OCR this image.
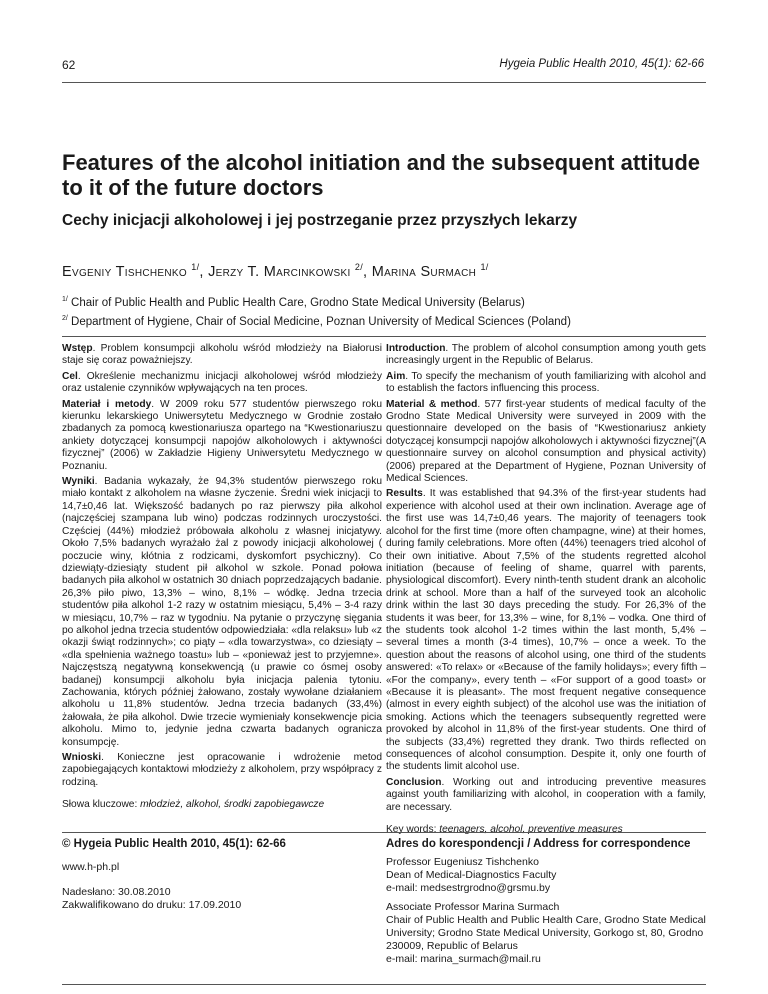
62	Hygeia Public Health 2010, 45(1): 62-66
Features of the alcohol initiation and the subsequent attitude to it of the future doctors
Cechy inicjacji alkoholowej i jej postrzeganie przez przyszłych lekarzy
Evgeniy Tishchenko $^{1/}$, Jerzy T. Marcinkowski $^{2/}$, Marina Surmach $^{1/}$
$^{1/}$ Chair of Public Health and Public Health Care, Grodno State Medical University (Belarus)
$^{2/}$ Department of Hygiene, Chair of Social Medicine, Poznan University of Medical Sciences (Poland)

Wstęp. Problem konsumpcji alkoholu wśród młodzieży na Białorusi staje się coraz poważniejszy.

Cel. Określenie mechanizmu inicjacji alkoholowej wśród młodzieży oraz ustalenie czynników wpływających na ten proces.

Materiał i metody. W 2009 roku 577 studentów pierwszego roku kierunku lekarskiego Uniwersytetu Medycznego w Grodnie zostało zbadanych za pomocą kwestionariusza opartego na “Kwestionariuszu ankiety dotyczącej konsumpcji napojów alkoholowych i aktywności fizycznej” (2006) w Zakładzie Higieny Uniwersytetu Medycznego w Poznaniu.

Wyniki. Badania wykazały, że 94,3% studentów pierwszego roku miało kontakt z alkoholem na własne życzenie. Średni wiek inicjacji to 14,7±0,46 lat. Większość badanych po raz pierwszy piła alkohol (najczęściej szampana lub wino) podczas rodzinnych uroczystości. Częściej (44%) młodzież próbowała alkoholu z własnej inicjatywy. Około 7,5% badanych wyrażało żal z powody inicjacji alkoholowej ( poczucie winy, kłótnia z rodzicami, dyskomfort psychiczny). Co dziewiąty-dziesiąty student pił alkohol w szkole. Ponad połowa badanych piła alkohol w ostatnich 30 dniach poprzedzających badanie. 26,3% piło piwo, 13,3% – wino, 8,1% – wódkę. Jedna trzecia studentów piła alkohol 1-2 razy w ostatnim miesiącu, 5,4% – 3-4 razy w miesiącu, 10,7% – raz w tygodniu. Na pytanie o przyczynę sięgania po alkohol jedna trzecia studentów odpowiedziała: «dla relaksu» lub «z okazji świąt rodzinnych»; co piąty – «dla towarzystwa», co dziesiąty – «dla spełnienia ważnego toastu» lub – «ponieważ jest to przyjemne». Najczęstszą negatywną konsekwencją (u prawie co ósmej osoby badanej) konsumpcji alkoholu była inicjacja palenia tytoniu. Zachowania, których później żałowano, zostały wywołane działaniem alkoholu u 11,8% studentów. Jedna trzecia badanych (33,4%) żałowała, że piła alkohol. Dwie trzecie wymieniały konsekwencje picia alkoholu. Mimo to, jedynie jedna czwarta badanych ogranicza konsumpcję.

Wnioski. Konieczne jest opracowanie i wdrożenie metod zapobiegających kontaktowi młodzieży z alkoholem, przy współpracy z rodziną.

Słowa kluczowe: młodzież, alkohol, środki zapobiegawcze

Introduction. The problem of alcohol consumption among youth gets increasingly urgent in the Republic of Belarus.

Aim. To specify the mechanism of youth familiarizing with alcohol and to establish the factors influencing this process.

Material & method. 577 first-year students of medical faculty of the Grodno State Medical University were surveyed in 2009 with the questionnaire developed on the basis of “Kwestionariusz ankiety dotyczącej konsumpcji napojów alkoholowych i aktywności fizycznej”(A questionnaire survey on alcohol consumption and physical activity) (2006) prepared at the Department of Hygiene, Poznan University of Medical Sciences.

Results. It was established that 94.3% of the first-year students had experience with alcohol used at their own inclination. Average age of the first use was 14,7±0,46 years. The majority of teenagers took alcohol for the first time (more often champagne, wine) at their homes, during family celebrations. More often (44%) teenagers tried alcohol of their own initiative. About 7,5% of the students regretted alcohol initiation (because of feeling of shame, quarrel with parents, physiological discomfort). Every ninth-tenth student drank an alcoholic drink at school. More than a half of the surveyed took an alcoholic drink within the last 30 days preceding the study. For 26,3% of the students it was beer, for 13,3% – wine, for 8,1% – vodka. One third of the students took alcohol 1-2 times within the last month, 5,4% – several times a month (3-4 times), 10,7% – once a week. To the question about the reasons of alcohol using, one third of the students answered: «To relax» or «Because of the family holidays»; every fifth – «For the company», every tenth – «For support of a good toast» or «Because it is pleasant». The most frequent negative consequence (almost in every eighth subject) of the alcohol use was the initiation of smoking. Actions which the teenagers subsequently regretted were provoked by alcohol in 11,8% of the first-year students. One third of the subjects (33,4%) regretted they drank. Two thirds reflected on consequences of alcohol consumption. Despite it, only one fourth of the students limit alcohol use.

Conclusion. Working out and introducing preventive measures against youth familiarizing with alcohol, in cooperation with a family, are necessary.

Key words: teenagers, alcohol, preventive measures

© Hygeia Public Health 2010, 45(1): 62-66
www.h-ph.pl
Nadesłano: 30.08.2010
Zakwalifikowano do druku: 17.09.2010
Adres do korespondencji / Address for correspondence
Professor Eugeniusz Tishchenko
Dean of Medical-Diagnostics Faculty
e-mail: medsestrgrodno@grsmu.by
Associate Professor Marina Surmach
Chair of Public Health and Public Health Care, Grodno State Medical University; Grodno State Medical University, Gorkogo st, 80, Grodno 230009, Republic of Belarus
e-mail: marina_surmach@mail.ru
